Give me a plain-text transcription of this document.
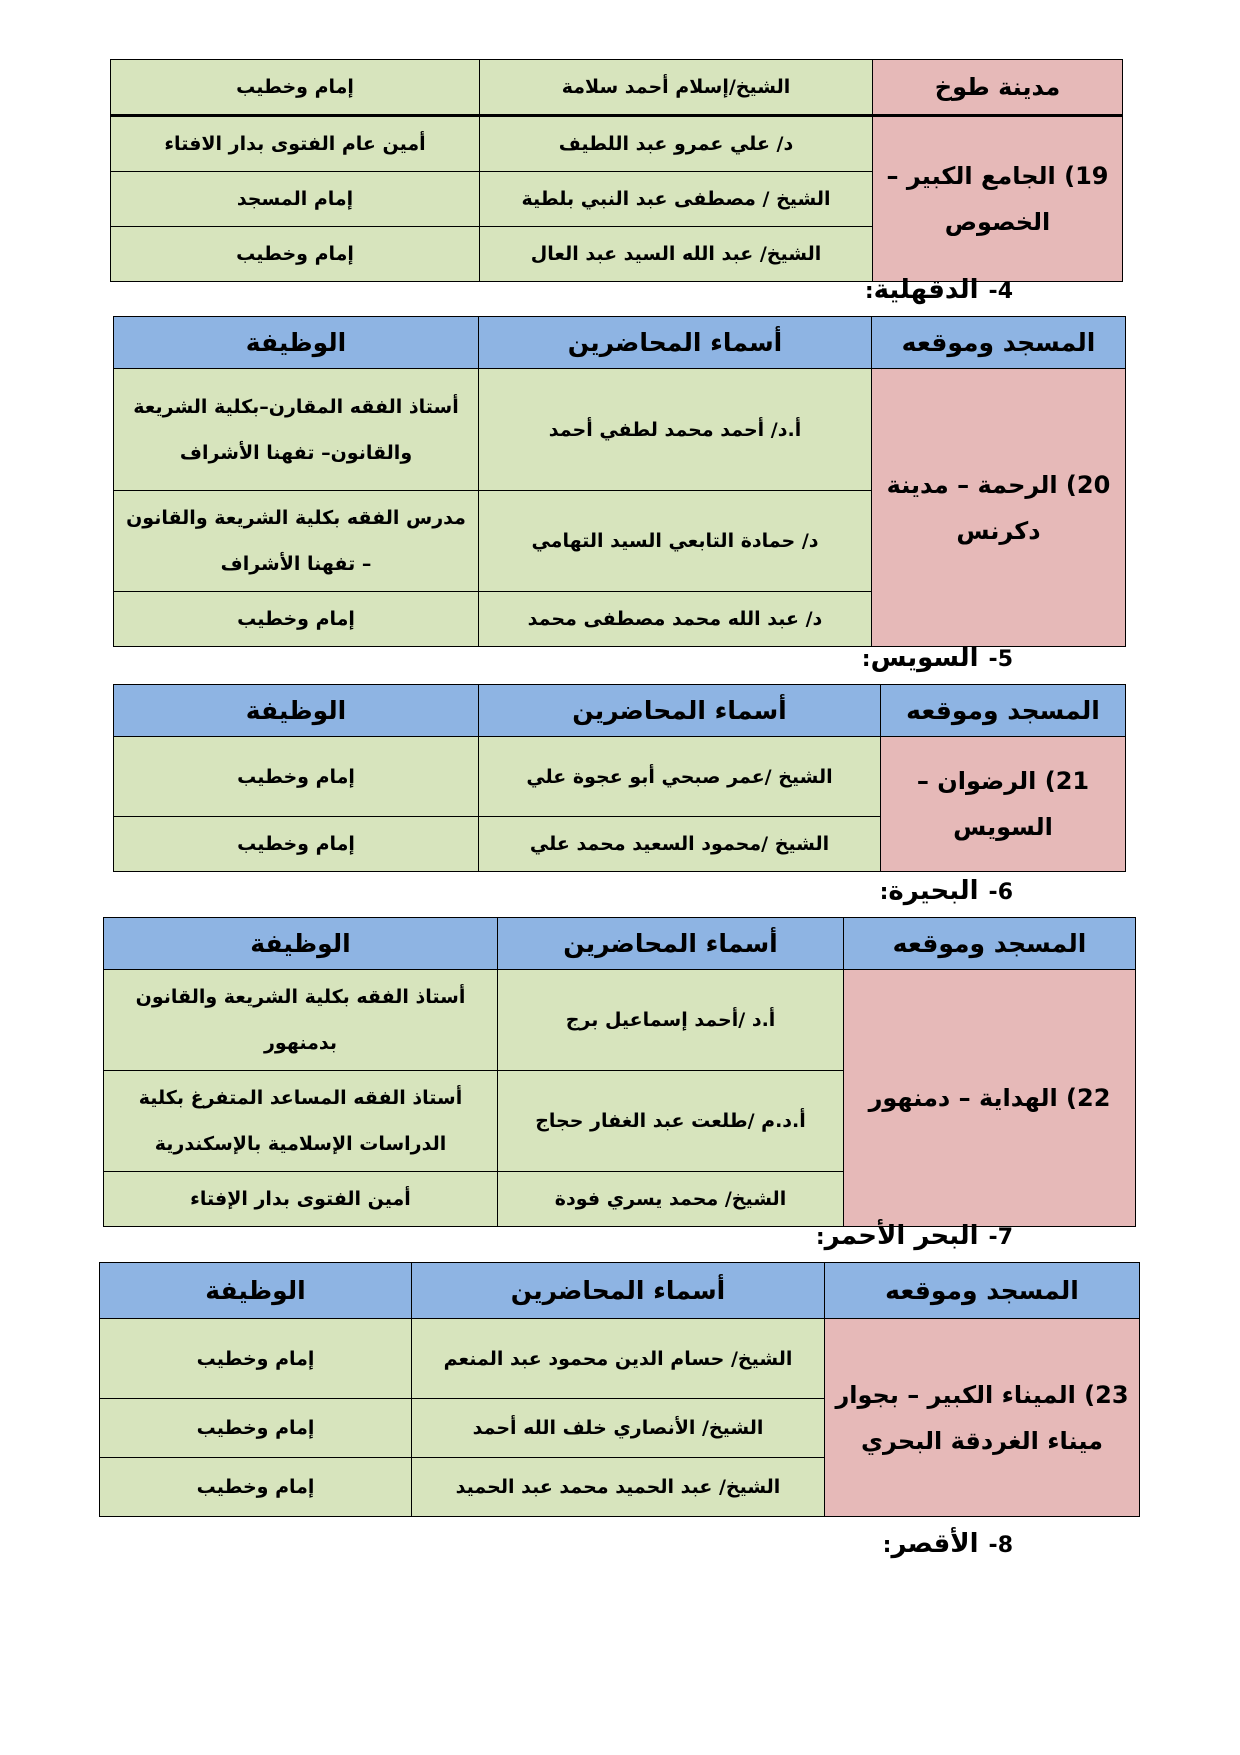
مدينة طوخ	الشيخ/إسلام أحمد سلامة	إمام وخطيب
19) الجامع الكبير – الخصوص	د/ علي عمرو عبد اللطيف	أمين عام الفتوى بدار الافتاء
	الشيخ / مصطفى عبد النبي بلطية	إمام المسجد
	الشيخ/ عبد الله السيد عبد العال	إمام وخطيب
4-الدقهلية:
المسجد وموقعه	أسماء المحاضرين	الوظيفة
20) الرحمة – مدينة دكرنس	أ.د/ أحمد محمد لطفي أحمد	أستاذ الفقه المقارن–بكلية الشريعة والقانون– تفهنا الأشراف
	د/ حمادة التابعي السيد التهامي	مدرس الفقه بكلية الشريعة والقانون – تفهنا الأشراف
	د/ عبد الله محمد مصطفى محمد	إمام وخطيب
5-السويس:
المسجد وموقعه	أسماء المحاضرين	الوظيفة
21) الرضوان – السويس	الشيخ /عمر صبحي أبو عجوة علي	إمام وخطيب
	الشيخ /محمود السعيد محمد علي	إمام وخطيب
6-البحيرة:
المسجد وموقعه	أسماء المحاضرين	الوظيفة
22) الهداية – دمنهور	أ.د /أحمد إسماعيل برج	أستاذ الفقه بكلية الشريعة والقانون بدمنهور
	أ.د.م /طلعت عبد الغفار حجاج	أستاذ الفقه المساعد المتفرغ بكلية الدراسات الإسلامية بالإسكندرية
	الشيخ/ محمد يسري فودة	أمين الفتوى بدار الإفتاء
7-البحر الأحمر:
المسجد وموقعه	أسماء المحاضرين	الوظيفة
23) الميناء الكبير – بجوار ميناء الغردقة البحري	الشيخ/ حسام الدين محمود عبد المنعم	إمام وخطيب
	الشيخ/ الأنصاري خلف الله أحمد	إمام وخطيب
	الشيخ/ عبد الحميد محمد عبد الحميد	إمام وخطيب
8-الأقصر:
